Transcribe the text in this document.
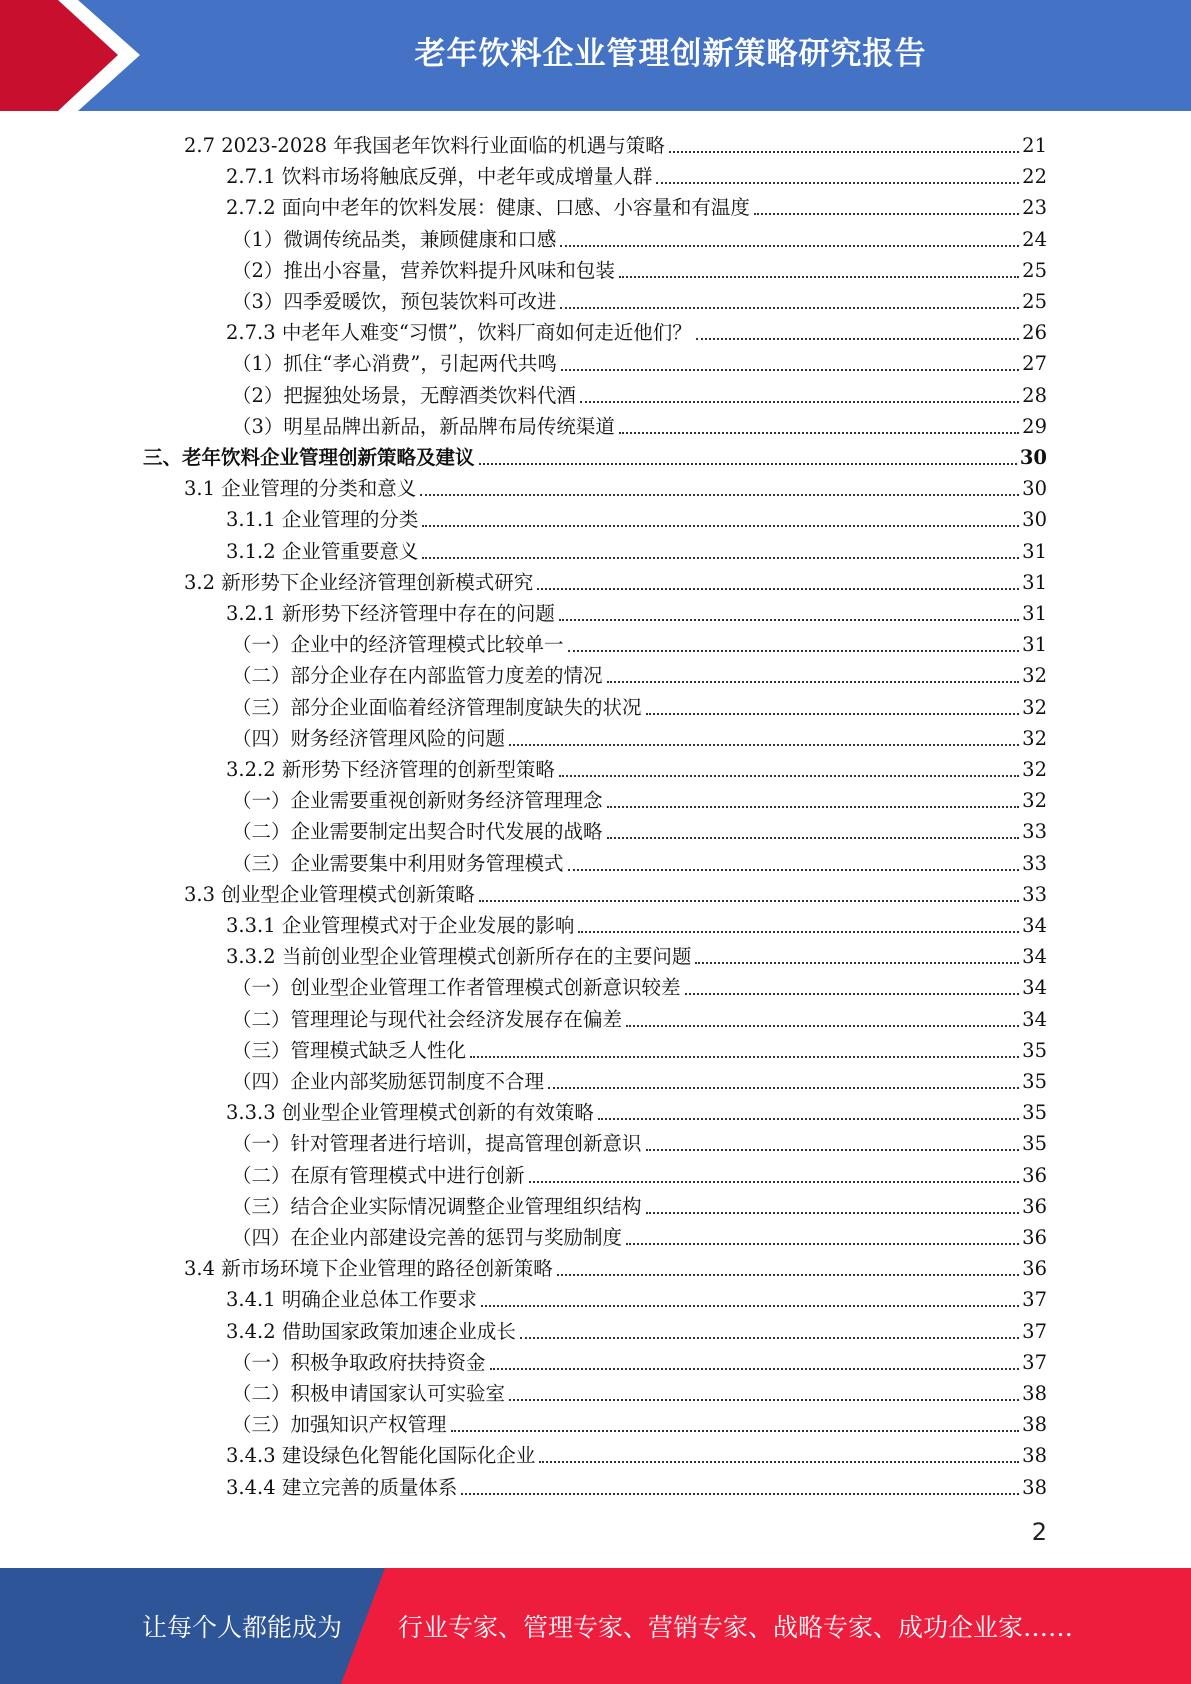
老年饮料企业管理创新策略研究报告
2.7 2023-2028 年我国老年饮料行业面临的机遇与策略	21
2.7.1 饮料市场将触底反弹，中老年或成增量人群	22
2.7.2 面向中老年的饮料发展：健康、口感、小容量和有温度	23
（1）微调传统品类，兼顾健康和口感	24
（2）推出小容量，营养饮料提升风味和包装	25
（3）四季爱暖饮，预包装饮料可改进	25
2.7.3 中老年人难变“习惯”，饮料厂商如何走近他们？	26
（1）抓住“孝心消费”，引起两代共鸣	27
（2）把握独处场景，无醇酒类饮料代酒	28
（3）明星品牌出新品，新品牌布局传统渠道	29
三、老年饮料企业管理创新策略及建议	30
3.1 企业管理的分类和意义	30
3.1.1 企业管理的分类	30
3.1.2 企业管重要意义	31
3.2 新形势下企业经济管理创新模式研究	31
3.2.1 新形势下经济管理中存在的问题	31
（一）企业中的经济管理模式比较单一	31
（二）部分企业存在内部监管力度差的情况	32
（三）部分企业面临着经济管理制度缺失的状况	32
（四）财务经济管理风险的问题	32
3.2.2 新形势下经济管理的创新型策略	32
（一）企业需要重视创新财务经济管理理念	32
（二）企业需要制定出契合时代发展的战略	33
（三）企业需要集中利用财务管理模式	33
3.3 创业型企业管理模式创新策略	33
3.3.1 企业管理模式对于企业发展的影响	34
3.3.2 当前创业型企业管理模式创新所存在的主要问题	34
（一）创业型企业管理工作者管理模式创新意识较差	34
（二）管理理论与现代社会经济发展存在偏差	34
（三）管理模式缺乏人性化	35
（四）企业内部奖励惩罚制度不合理	35
3.3.3 创业型企业管理模式创新的有效策略	35
（一）针对管理者进行培训，提高管理创新意识	35
（二）在原有管理模式中进行创新	36
（三）结合企业实际情况调整企业管理组织结构	36
（四）在企业内部建设完善的惩罚与奖励制度	36
3.4 新市场环境下企业管理的路径创新策略	36
3.4.1 明确企业总体工作要求	37
3.4.2 借助国家政策加速企业成长	37
（一）积极争取政府扶持资金	37
（二）积极申请国家认可实验室	38
（三）加强知识产权管理	38
3.4.3 建设绿色化智能化国际化企业	38
3.4.4 建立完善的质量体系	38
2
让每个人都能成为 行业专家、管理专家、营销专家、战略专家、成功企业家……
